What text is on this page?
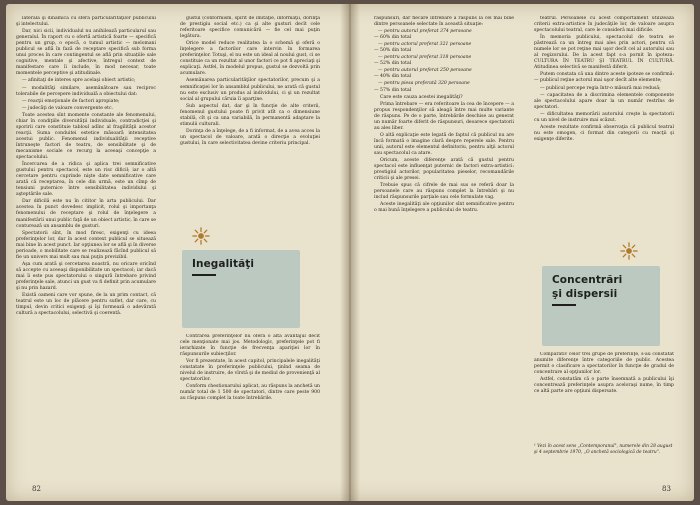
lateralã şi dinamicã cu sfera particularitãţilor publicului şi intelectului.

Dar, nici sicii, individualul nu anihileazã particularul sau generalul. În raport cu o ofertã artisticã foarte — specificã pentru un grup, o epocã, o tumul artistic — melomani publicul se aflã în fazã de receptare specificã sub forma unui proces în care contingentul se află prin situațiile sale cognitive, mentale şi afective, întregul context de manifestare care îi include, în mod necesar, toate momentele perceptive şi atitudinale.

— afinitaţi de interes spre acelaşi obiect artistic;

— modalitãţi similare, asemănătoare sau reciproc tolerabile de percepere individuală a obiectului dat:

— reacţii emoţionale de factori apropiate;

— judecãţi de valoare convergente etc.

Toate acestea sînt momente constante ale fenomenului, chiar în condiţiile diversitãţii individuale, contradicţiei şi sporirii care constituie tabloul adînc al fragilitãţii acestor reacţii. Suma conduitei estetice mãsoarã intensitatea acestui public. Fenomenul individualitãţii receptive întruneşte factori de teatru, de sensibilitate şi de mecanisme sociale ce recurg la aceeaşi concepţie a spectacolului.

Încercarea de a ridica şi aplica trei semnificative gustului pentru spectacol, este un risc dificil; iar o altă cercetare pentru cuprinde nişte date semnificative care arată că receptarea, în cele din urmă, este un cîmp de tensiuni puternice între sensibilitatea individului şi aşteptările sale.

Dar dificilă este nu în cititor în arta publicului. Dar acestea în punct dovedesc implicit, rolul şi importanţa fenomenului de receptare şi rolul de înţelegere a manifestării unui public faţă de un obiect artistic, în care se conturează un ansamblu de gusturi.

Spectatorii sînt, în mod firesc, exigenţi cu ideea preferinţelor lor, dar în acest context publicul se situează mai bine în acest punct. Iar opţiunea lor se află şi în diverse perioade, o mobilitate care se realizează fãcînd publicul să fie un univers mai mult sau mai puţin previzibil.

Aşa cum arată şi cercetarea noastră, nu oricare oricînd să accepte cu aceeaşi disponibilitate un spectacol; iar dacă mai îi este pus spectatorului o singurã întrebare privind preferinţele sale, atunci un gust va fi definit prin acumulare şi nu prin hazard.

Există oameni care vor spune, de la un prim contact, că teatrul este un loc de plãcere pentru suflet, dar care, cu timpul, devin critici exigenţi şi îşi formează o adevărată cultură a spectacolului, selectivă şi coerentă.

gustul (conformism, spirit de imitaţie, informaţii, dorinţa de prestigiu social etc.) ca şi alte gusturi decît cele referitoare specifice comunicării — fie cel mai puţin legătura.

Orice model reduce realitatea la o schemă şi oferă o înţelegere a factorilor care intervin în formarea preferinţelor. Totuşi, el nu este un ideal al noului gust, ci se constituie ca un rezultat al unor factori ce pot fi apreciaţi şi explicaţi. Astfel, în modelul propus, gustul se dezvoltă prin acumulare.

Asemănarea particularităţilor spectatorilor, precum şi a semnificaţiei lor în ansamblul publicului, ne arată că gustul nu este exclusiv un produs al individului, ci şi un rezultat social al grupului căruia îi aparţine.

Sub aspectul dat, dar şi în funcţie de alte criterii, fenomenul gustului poate fi privit atît ca o dimensiune stabilă, cît şi ca una variabilă, în permanentă adaptare la stimulii culturali.

Dorinţa de a înţelege, de a fi informat, de a avea acces la un spectacol de valoare, arată o direcţie a evoluţiei gustului, în care selectivitatea devine criteriu principal.

Inegalităţi

Contrarea preferinţelor nu oferă o altă avantajul decît cele menţionate mai jos. Metodologic, preferinţele pot fi ierarhizate în funcţie de frecvenţa apariţiei lor în răspunsurile subiecţilor.

Vor fi prezentate, în acest capitol, principalele inegalităţi constatate în preferinţele publicului, ţinînd seama de nivelul de instruire, de vîrstă şi de mediul de provenienţă al spectatorilor.

Conform chestionarului aplicat, au răspuns la anchetă un număr total de 1 500 de spectatori, dintre care peste 900 au răspuns complet la toate întrebările.

82

răspunsuri, dar fiecare întrebare a răspuns la cel mai bine dintre persoanele selectate în această situaţie:

— pentru autorul preferat 374 persoane
— 60% din total
— pentru actorul preferat 321 persoane
— 50% din total
— pentru actorul preferat 318 persoane
— 52% din total
— pentru autorul preferat 250 persoane
— 40% din total
— pentru piesa preferată 320 persoane
— 57% din total

Care este cauza acestei inegalităţi?

Prima întrebare — era referitoare la cea de începere — a propus respondenţilor să aleagă între mai multe variante de răspuns. Pe de o parte, întrebările deschise au generat un număr foarte diferit de răspunsuri, deoarece spectatorii au ales liber.

O altă explicaţie este legată de faptul că publicul nu are încă formată o imagine clară despre reperele sale. Pentru unii, autorul este elementul definitoriu, pentru alţii actorul sau spectacolul ca atare.

Oricum, aceste diferenţe arată că gustul pentru spectacol este influenţat puternic de factori extra-artistici: prestigiul actorilor, popularitatea pieselor, recomandările criticii şi ale presei.

Trebuie spus că cifrele de mai sus se referă doar la persoanele care au răspuns complet la întrebări şi nu includ răspunsurile parţiale sau cele formulate vag.

Aceste inegalităţi ale opţiunilor sînt semnificative pentru o mai bună înţelegere a publicului de teatru.

teatrul. Persoanele cu acest comportament utilizează criterii extra-artistice în judecăţile lor, de valoare asupra spectacolului teatral, care le consideră mai dificile.

În memoria publicului, spectacolul de teatru se păstrează ca un întreg mai ales prin actori, pentru că numele lor se pot reţine mai uşor decît cel al autorului sau al regizorului. De la acest fapt s-a pornit în ipoteza: CULTURA ÎN TEATRU ŞI TEATRUL ÎN CULTURĂ. Atitudinea selectivă se manifestă diferit.

Putem constata că una dintre aceste ipoteze se confirmă: — publicul reţine actorul mai uşor decît alte elemente;

— publicul percepe regia într-o măsură mai redusă;

— capacitatea de a discrimina elementele componente ale spectacolului apare doar la un număr restrîns de spectatori.

— dificultatea memorării autorului creşte la spectatorii cu un nivel de instruire mai scăzut.

Aceste rezultate confirmă observaţia că publicul teatral nu este omogen, ci format din categorii cu reacţii şi exigenţe diferite.

Concentrări
şi dispersii

Comparativ celor trei grupe de preferinţe, s-au constatat anumite diferenţe între categoriile de public. Acestea permit o clasificare a spectatorilor în funcţie de gradul de concentrare al opţiunilor lor.

Astfel, constatăm că o parte însemnată a publicului îşi concentrează preferinţele asupra aceloraşi nume, în timp ce altă parte are opţiuni dispersate.

¹ Vezi în acest sens „Contemporanul", numerele din 28 august şi 4 septembrie 1970, „O anchetă sociologică de teatru".
83
